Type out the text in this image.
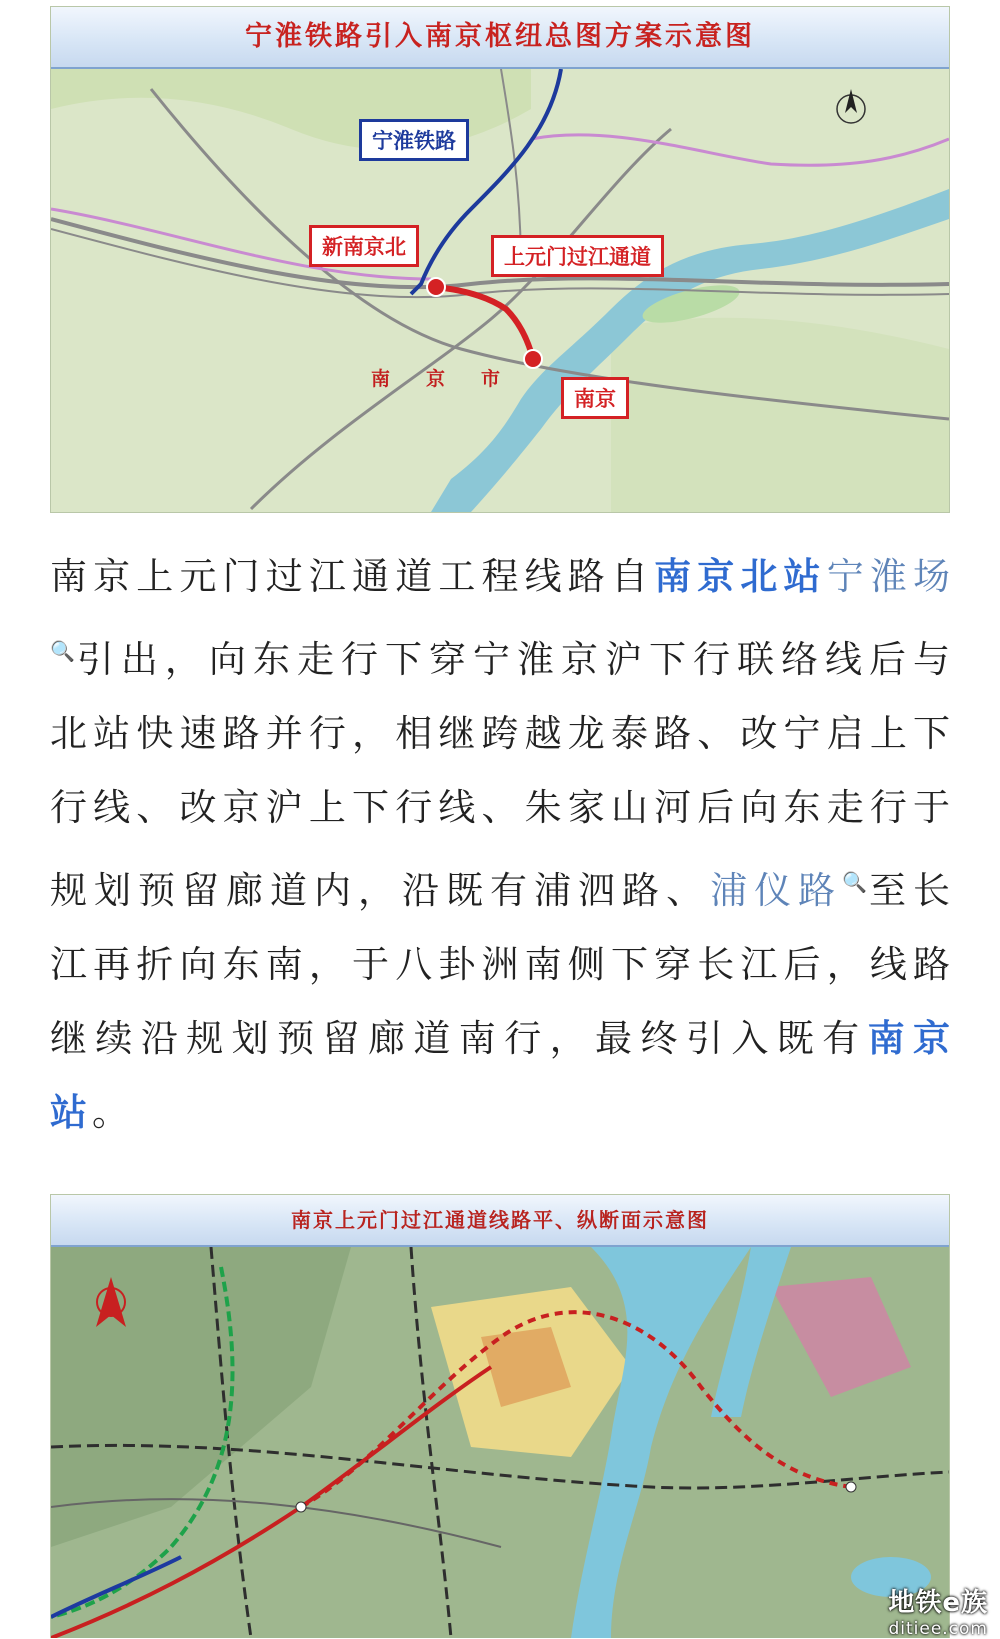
宁淮铁路引入南京枢纽总图方案示意图
宁淮铁路
新南京北	上元门过江通道
南京
南 京 市
南京上元门过江通道工程线路自南京北站宁淮场🔍引出，向东走行下穿宁淮京沪下行联络线后与北站快速路并行，相继跨越龙泰路、改宁启上下行线、改京沪上下行线、朱家山河后向东走行于规划预留廊道内，沿既有浦泗路、浦仪路🔍至长江再折向东南，于八卦洲南侧下穿长江后，线路继续沿规划预留廊道南行，最终引入既有南京站。
南京上元门过江通道线路平、纵断面示意图
地铁e族
ditiee.com
